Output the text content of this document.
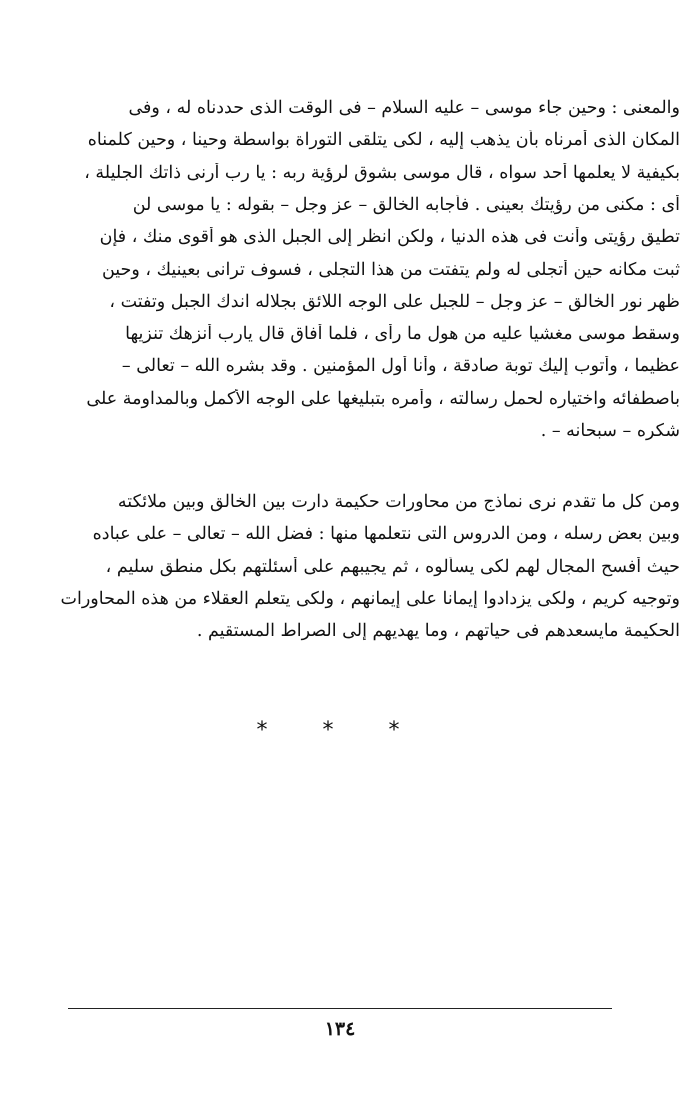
والمعنى : وحين جاء موسى – عليه السلام – فى الوقت الذى حددناه له ، وفى
المكان الذى أمرناه بأن يذهب إليه ، لكى يتلقى التوراة بواسطة وحينا ، وحين كلمناه
بكيفية لا يعلمها أحد سواه ، قال موسى بشوق لرؤية ربه : يا رب أرنى ذاتك الجليلة ،
أى : مكنى من رؤيتك بعينى . فأجابه الخالق – عز وجل – بقوله : يا موسى لن
تطيق رؤيتى وأنت فى هذه الدنيا ، ولكن انظر إلى الجبل الذى هو أقوى منك ، فإن
ثبت مكانه حين أتجلى له ولم يتفتت من هذا التجلى ، فسوف ترانى بعينيك ، وحين
ظهر نور الخالق – عز وجل – للجبل على الوجه اللائق بجلاله اندك الجبل وتفتت ،
وسقط موسى مغشيا عليه من هول ما رأى ، فلما أفاق قال يارب أنزهك تنزيها
عظيما ، وأتوب إليك توبة صادقة ، وأنا أول المؤمنين . وقد بشره الله – تعالى –
باصطفائه واختياره لحمل رسالته ، وأمره بتبليغها على الوجه الأكمل وبالمداومة على
شكره – سبحانه – .
ومن كل ما تقدم نرى نماذج من محاورات حكيمة دارت بين الخالق وبين ملائكته
وبين بعض رسله ، ومن الدروس التى نتعلمها منها : فضل الله – تعالى – على عباده
حيث أفسح المجال لهم لكى يسألوه ، ثم يجيبهم على أسئلتهم بكل منطق سليم ،
وتوجيه كريم ، ولكى يزدادوا إيمانا على إيمانهم ، ولكى يتعلم العقلاء من هذه المحاورات
الحكيمة مايسعدهم فى حياتهم ، وما يهديهم إلى الصراط المستقيم .
* * *
١٣٤
